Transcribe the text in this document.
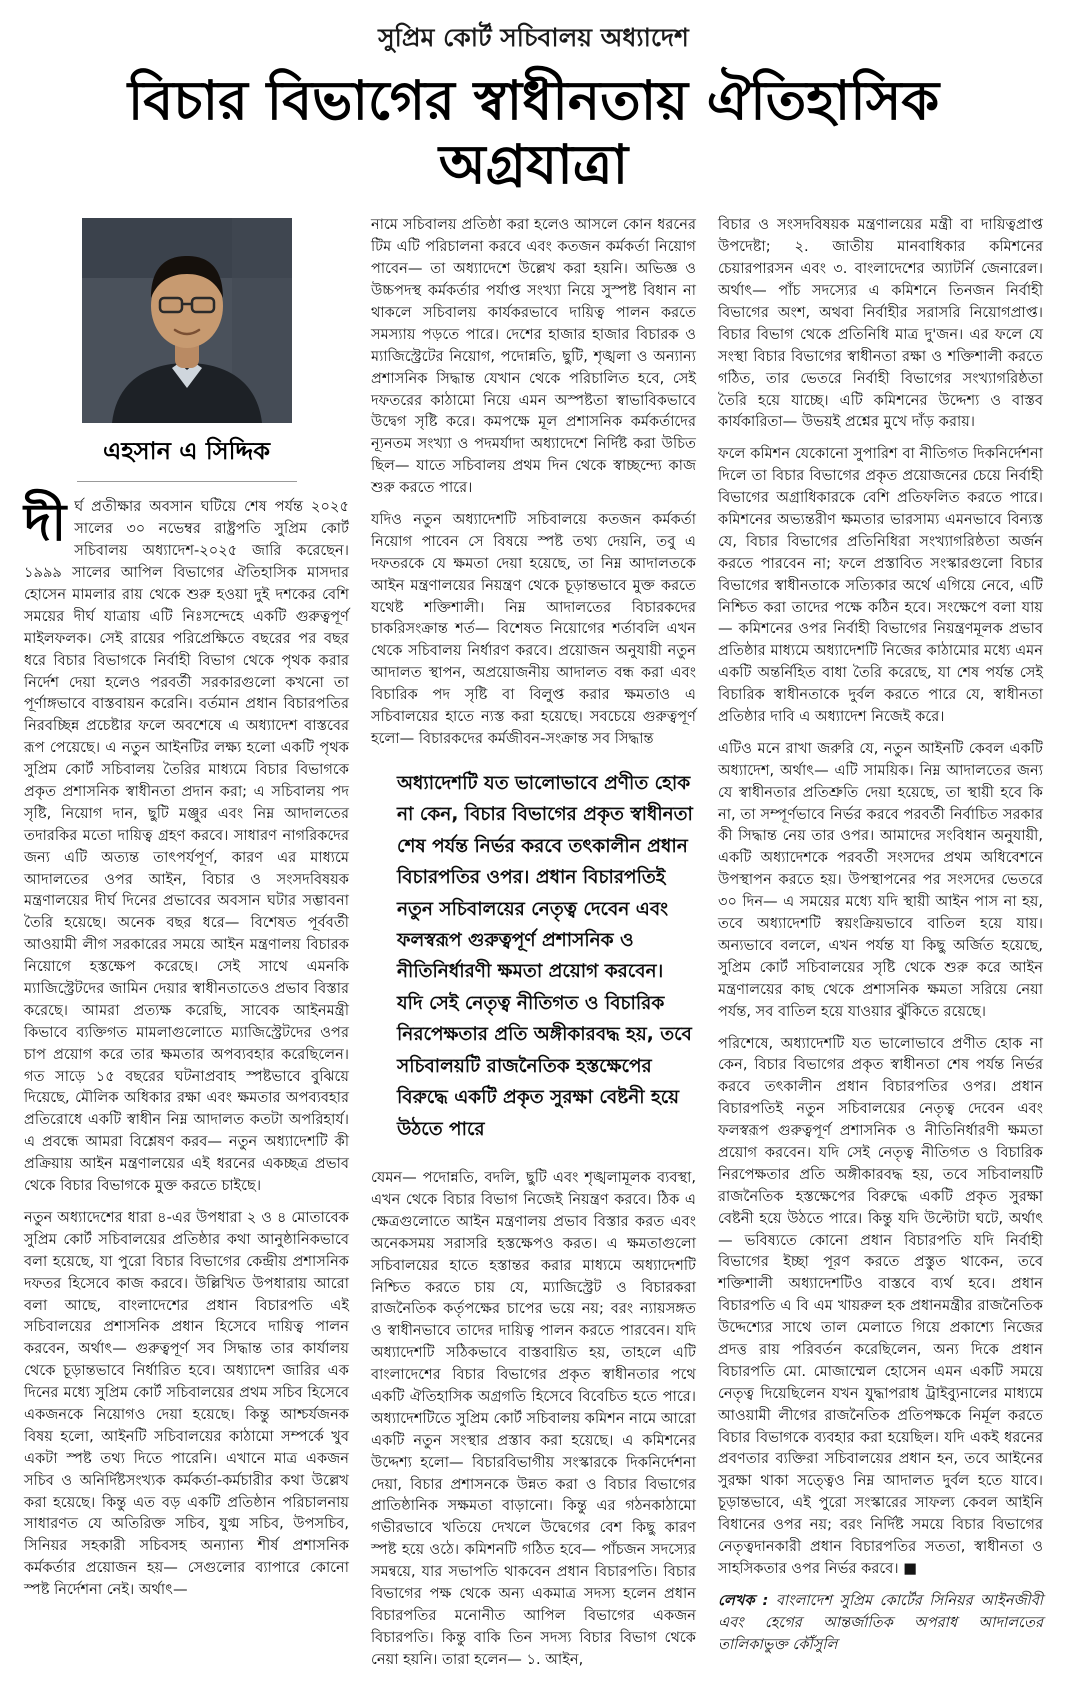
সুপ্রিম কোর্ট সচিবালয় অধ্যাদেশ
বিচার বিভাগের স্বাধীনতায় ঐতিহাসিক অগ্রযাত্রা
এহসান এ সিদ্দিক

দীর্ঘ প্রতীক্ষার অবসান ঘটিয়ে শেষ পর্যন্ত ২০২৫ সালের ৩০ নভেম্বর রাষ্ট্রপতি সুপ্রিম কোর্ট সচিবালয় অধ্যাদেশ-২০২৫ জারি করেছেন। ১৯৯৯ সালের আপিল বিভাগের ঐতিহাসিক মাসদার হোসেন মামলার রায় থেকে শুরু হওয়া দুই দশকের বেশি সময়ের দীর্ঘ যাত্রায় এটি নিঃসন্দেহে একটি গুরুত্বপূর্ণ মাইলফলক। সেই রায়ের পরিপ্রেক্ষিতে বছরের পর বছর ধরে বিচার বিভাগকে নির্বাহী বিভাগ থেকে পৃথক করার নির্দেশ দেয়া হলেও পরবর্তী সরকারগুলো কখনো তা পূর্ণাঙ্গভাবে বাস্তবায়ন করেনি। বর্তমান প্রধান বিচারপতির নিরবচ্ছিন্ন প্রচেষ্টার ফলে অবশেষে এ অধ্যাদেশ বাস্তবের রূপ পেয়েছে। এ নতুন আইনটির লক্ষ্য হলো একটি পৃথক সুপ্রিম কোর্ট সচিবালয় তৈরির মাধ্যমে বিচার বিভাগকে প্রকৃত প্রশাসনিক স্বাধীনতা প্রদান করা; এ সচিবালয় পদ সৃষ্টি, নিয়োগ দান, ছুটি মঞ্জুর এবং নিম্ন আদালতের তদারকির মতো দায়িত্ব গ্রহণ করবে। সাধারণ নাগরিকদের জন্য এটি অত্যন্ত তাৎপর্যপূর্ণ, কারণ এর মাধ্যমে আদালতের ওপর আইন, বিচার ও সংসদবিষয়ক মন্ত্রণালয়ের দীর্ঘ দিনের প্রভাবের অবসান ঘটার সম্ভাবনা তৈরি হয়েছে। অনেক বছর ধরে— বিশেষত পূর্ববর্তী আওয়ামী লীগ সরকারের সময়ে আইন মন্ত্রণালয় বিচারক নিয়োগে হস্তক্ষেপ করেছে। সেই সাথে এমনকি ম্যাজিস্ট্রেটদের জামিন দেয়ার স্বাধীনতাতেও প্রভাব বিস্তার করেছে। আমরা প্রত্যক্ষ করেছি, সাবেক আইনমন্ত্রী কিভাবে ব্যক্তিগত মামলাগুলোতে ম্যাজিস্ট্রেটদের ওপর চাপ প্রয়োগ করে তার ক্ষমতার অপব্যবহার করেছিলেন। গত সাড়ে ১৫ বছরের ঘটনাপ্রবাহ স্পষ্টভাবে বুঝিয়ে দিয়েছে, মৌলিক অধিকার রক্ষা এবং ক্ষমতার অপব্যবহার প্রতিরোধে একটি স্বাধীন নিম্ন আদালত কতটা অপরিহার্য। এ প্রবন্ধে আমরা বিশ্লেষণ করব— নতুন অধ্যাদেশটি কী প্রক্রিয়ায় আইন মন্ত্রণালয়ের এই ধরনের একচ্ছত্র প্রভাব থেকে বিচার বিভাগকে মুক্ত করতে চাইছে।

নতুন অধ্যাদেশের ধারা ৪-এর উপধারা ২ ও ৪ মোতাবেক সুপ্রিম কোর্ট সচিবালয়ের প্রতিষ্ঠার কথা আনুষ্ঠানিকভাবে বলা হয়েছে, যা পুরো বিচার বিভাগের কেন্দ্রীয় প্রশাসনিক দফতর হিসেবে কাজ করবে। উল্লিখিত উপধারায় আরো বলা আছে, বাংলাদেশের প্রধান বিচারপতি এই সচিবালয়ের প্রশাসনিক প্রধান হিসেবে দায়িত্ব পালন করবেন, অর্থাৎ— গুরুত্বপূর্ণ সব সিদ্ধান্ত তার কার্যালয় থেকে চূড়ান্তভাবে নির্ধারিত হবে। অধ্যাদেশ জারির এক দিনের মধ্যে সুপ্রিম কোর্ট সচিবালয়ের প্রথম সচিব হিসেবে একজনকে নিয়োগও দেয়া হয়েছে। কিন্তু আশ্চর্যজনক বিষয় হলো, আইনটি সচিবালয়ের কাঠামো সম্পর্কে খুব একটা স্পষ্ট তথ্য দিতে পারেনি। এখানে মাত্র একজন সচিব ও অনির্দিষ্টসংখ্যক কর্মকর্তা-কর্মচারীর কথা উল্লেখ করা হয়েছে। কিন্তু এত বড় একটি প্রতিষ্ঠান পরিচালনায় সাধারণত যে অতিরিক্ত সচিব, যুগ্ম সচিব, উপসচিব, সিনিয়র সহকারী সচিবসহ অন্যান্য শীর্ষ প্রশাসনিক কর্মকর্তার প্রয়োজন হয়— সেগুলোর ব্যাপারে কোনো স্পষ্ট নির্দেশনা নেই। অর্থাৎ—

নামে সচিবালয় প্রতিষ্ঠা করা হলেও আসলে কোন ধরনের টিম এটি পরিচালনা করবে এবং কতজন কর্মকর্তা নিয়োগ পাবেন— তা অধ্যাদেশে উল্লেখ করা হয়নি। অভিজ্ঞ ও উচ্চপদস্থ কর্মকর্তার পর্যাপ্ত সংখ্যা নিয়ে সুস্পষ্ট বিধান না থাকলে সচিবালয় কার্যকরভাবে দায়িত্ব পালন করতে সমস্যায় পড়তে পারে। দেশের হাজার হাজার বিচারক ও ম্যাজিস্ট্রেটের নিয়োগ, পদোন্নতি, ছুটি, শৃঙ্খলা ও অন্যান্য প্রশাসনিক সিদ্ধান্ত যেখান থেকে পরিচালিত হবে, সেই দফতরের কাঠামো নিয়ে এমন অস্পষ্টতা স্বাভাবিকভাবে উদ্বেগ সৃষ্টি করে। কমপক্ষে মূল প্রশাসনিক কর্মকর্তাদের ন্যূনতম সংখ্যা ও পদমর্যাদা অধ্যাদেশে নির্দিষ্ট করা উচিত ছিল— যাতে সচিবালয় প্রথম দিন থেকে স্বাচ্ছন্দ্যে কাজ শুরু করতে পারে।

যদিও নতুন অধ্যাদেশটি সচিবালয়ে কতজন কর্মকর্তা নিয়োগ পাবেন সে বিষয়ে স্পষ্ট তথ্য দেয়নি, তবু এ দফতরকে যে ক্ষমতা দেয়া হয়েছে, তা নিম্ন আদালতকে আইন মন্ত্রণালয়ের নিয়ন্ত্রণ থেকে চূড়ান্তভাবে মুক্ত করতে যথেষ্ট শক্তিশালী। নিম্ন আদালতের বিচারকদের চাকরিসংক্রান্ত শর্ত— বিশেষত নিয়োগের শর্তাবলি এখন থেকে সচিবালয় নির্ধারণ করবে। প্রয়োজন অনুযায়ী নতুন আদালত স্থাপন, অপ্রয়োজনীয় আদালত বন্ধ করা এবং বিচারিক পদ সৃষ্টি বা বিলুপ্ত করার ক্ষমতাও এ সচিবালয়ের হাতে ন্যস্ত করা হয়েছে। সবচেয়ে গুরুত্বপূর্ণ হলো— বিচারকদের কর্মজীবন-সংক্রান্ত সব সিদ্ধান্ত

অধ্যাদেশটি যত ভালোভাবে প্রণীত হোক না কেন, বিচার বিভাগের প্রকৃত স্বাধীনতা শেষ পর্যন্ত নির্ভর করবে তৎকালীন প্রধান বিচারপতির ওপর। প্রধান বিচারপতিই নতুন সচিবালয়ের নেতৃত্ব দেবেন এবং ফলস্বরূপ গুরুত্বপূর্ণ প্রশাসনিক ও নীতিনির্ধারণী ক্ষমতা প্রয়োগ করবেন। যদি সেই নেতৃত্ব নীতিগত ও বিচারিক নিরপেক্ষতার প্রতি অঙ্গীকারবদ্ধ হয়, তবে সচিবালয়টি রাজনৈতিক হস্তক্ষেপের বিরুদ্ধে একটি প্রকৃত সুরক্ষা বেষ্টনী হয়ে উঠতে পারে

যেমন— পদোন্নতি, বদলি, ছুটি এবং শৃঙ্খলামূলক ব্যবস্থা, এখন থেকে বিচার বিভাগ নিজেই নিয়ন্ত্রণ করবে। ঠিক এ ক্ষেত্রগুলোতে আইন মন্ত্রণালয় প্রভাব বিস্তার করত এবং অনেকসময় সরাসরি হস্তক্ষেপও করত। এ ক্ষমতাগুলো সচিবালয়ের হাতে হস্তান্তর করার মাধ্যমে অধ্যাদেশটি নিশ্চিত করতে চায় যে, ম্যাজিস্ট্রেট ও বিচারকরা রাজনৈতিক কর্তৃপক্ষের চাপের ভয়ে নয়; বরং ন্যায়সঙ্গত ও স্বাধীনভাবে তাদের দায়িত্ব পালন করতে পারবেন। যদি অধ্যাদেশটি সঠিকভাবে বাস্তবায়িত হয়, তাহলে এটি বাংলাদেশের বিচার বিভাগের প্রকৃত স্বাধীনতার পথে একটি ঐতিহাসিক অগ্রগতি হিসেবে বিবেচিত হতে পারে। অধ্যাদেশটিতে সুপ্রিম কোর্ট সচিবালয় কমিশন নামে আরো একটি নতুন সংস্থার প্রস্তাব করা হয়েছে। এ কমিশনের উদ্দেশ্য হলো— বিচারবিভাগীয় সংস্কারকে দিকনির্দেশনা দেয়া, বিচার প্রশাসনকে উন্নত করা ও বিচার বিভাগের প্রাতিষ্ঠানিক সক্ষমতা বাড়ানো। কিন্তু এর গঠনকাঠামো গভীরভাবে খতিয়ে দেখলে উদ্বেগের বেশ কিছু কারণ স্পষ্ট হয়ে ওঠে। কমিশনটি গঠিত হবে— পাঁচজন সদস্যের সমন্বয়ে, যার সভাপতি থাকবেন প্রধান বিচারপতি। বিচার বিভাগের পক্ষ থেকে অন্য একমাত্র সদস্য হলেন প্রধান বিচারপতির মনোনীত আপিল বিভাগের একজন বিচারপতি। কিন্তু বাকি তিন সদস্য বিচার বিভাগ থেকে নেয়া হয়নি। তারা হলেন— ১. আইন,

বিচার ও সংসদবিষয়ক মন্ত্রণালয়ের মন্ত্রী বা দায়িত্বপ্রাপ্ত উপদেষ্টা; ২. জাতীয় মানবাধিকার কমিশনের চেয়ারপারসন এবং ৩. বাংলাদেশের অ্যাটর্নি জেনারেল। অর্থাৎ— পাঁচ সদস্যের এ কমিশনে তিনজন নির্বাহী বিভাগের অংশ, অথবা নির্বাহীর সরাসরি নিয়োগপ্রাপ্ত। বিচার বিভাগ থেকে প্রতিনিধি মাত্র দু'জন। এর ফলে যে সংস্থা বিচার বিভাগের স্বাধীনতা রক্ষা ও শক্তিশালী করতে গঠিত, তার ভেতরে নির্বাহী বিভাগের সংখ্যাগরিষ্ঠতা তৈরি হয়ে যাচ্ছে। এটি কমিশনের উদ্দেশ্য ও বাস্তব কার্যকারিতা— উভয়ই প্রশ্নের মুখে দাঁড় করায়।

ফলে কমিশন যেকোনো সুপারিশ বা নীতিগত দিকনির্দেশনা দিলে তা বিচার বিভাগের প্রকৃত প্রয়োজনের চেয়ে নির্বাহী বিভাগের অগ্রাধিকারকে বেশি প্রতিফলিত করতে পারে। কমিশনের অভ্যন্তরীণ ক্ষমতার ভারসাম্য এমনভাবে বিন্যস্ত যে, বিচার বিভাগের প্রতিনিধিরা সংখ্যাগরিষ্ঠতা অর্জন করতে পারবেন না; ফলে প্রস্তাবিত সংস্কারগুলো বিচার বিভাগের স্বাধীনতাকে সত্যিকার অর্থে এগিয়ে নেবে, এটি নিশ্চিত করা তাদের পক্ষে কঠিন হবে। সংক্ষেপে বলা যায়— কমিশনের ওপর নির্বাহী বিভাগের নিয়ন্ত্রণমূলক প্রভাব প্রতিষ্ঠার মাধ্যমে অধ্যাদেশটি নিজের কাঠামোর মধ্যে এমন একটি অন্তর্নিহিত বাধা তৈরি করেছে, যা শেষ পর্যন্ত সেই বিচারিক স্বাধীনতাকে দুর্বল করতে পারে যে, স্বাধীনতা প্রতিষ্ঠার দাবি এ অধ্যাদেশ নিজেই করে।

এটিও মনে রাখা জরুরি যে, নতুন আইনটি কেবল একটি অধ্যাদেশ, অর্থাৎ— এটি সাময়িক। নিম্ন আদালতের জন্য যে স্বাধীনতার প্রতিশ্রুতি দেয়া হয়েছে, তা স্থায়ী হবে কি না, তা সম্পূর্ণভাবে নির্ভর করবে পরবর্তী নির্বাচিত সরকার কী সিদ্ধান্ত নেয় তার ওপর। আমাদের সংবিধান অনুযায়ী, একটি অধ্যাদেশকে পরবর্তী সংসদের প্রথম অধিবেশনে উপস্থাপন করতে হয়। উপস্থাপনের পর সংসদের ভেতরে ৩০ দিন— এ সময়ের মধ্যে যদি স্থায়ী আইন পাস না হয়, তবে অধ্যাদেশটি স্বয়ংক্রিয়ভাবে বাতিল হয়ে যায়। অন্যভাবে বললে, এখন পর্যন্ত যা কিছু অর্জিত হয়েছে, সুপ্রিম কোর্ট সচিবালয়ের সৃষ্টি থেকে শুরু করে আইন মন্ত্রণালয়ের কাছ থেকে প্রশাসনিক ক্ষমতা সরিয়ে নেয়া পর্যন্ত, সব বাতিল হয়ে যাওয়ার ঝুঁকিতে রয়েছে।

পরিশেষে, অধ্যাদেশটি যত ভালোভাবে প্রণীত হোক না কেন, বিচার বিভাগের প্রকৃত স্বাধীনতা শেষ পর্যন্ত নির্ভর করবে তৎকালীন প্রধান বিচারপতির ওপর। প্রধান বিচারপতিই নতুন সচিবালয়ের নেতৃত্ব দেবেন এবং ফলস্বরূপ গুরুত্বপূর্ণ প্রশাসনিক ও নীতিনির্ধারণী ক্ষমতা প্রয়োগ করবেন। যদি সেই নেতৃত্ব নীতিগত ও বিচারিক নিরপেক্ষতার প্রতি অঙ্গীকারবদ্ধ হয়, তবে সচিবালয়টি রাজনৈতিক হস্তক্ষেপের বিরুদ্ধে একটি প্রকৃত সুরক্ষা বেষ্টনী হয়ে উঠতে পারে। কিন্তু যদি উল্টোটা ঘটে, অর্থাৎ— ভবিষ্যতে কোনো প্রধান বিচারপতি যদি নির্বাহী বিভাগের ইচ্ছা পূরণ করতে প্রস্তুত থাকেন, তবে শক্তিশালী অধ্যাদেশটিও বাস্তবে ব্যর্থ হবে। প্রধান বিচারপতি এ বি এম খায়রুল হক প্রধানমন্ত্রীর রাজনৈতিক উদ্দেশ্যের সাথে তাল মেলাতে গিয়ে প্রকাশ্যে নিজের প্রদত্ত রায় পরিবর্তন করেছিলেন, অন্য দিকে প্রধান বিচারপতি মো. মোজাম্মেল হোসেন এমন একটি সময়ে নেতৃত্ব দিয়েছিলেন যখন যুদ্ধাপরাধ ট্রাইব্যুনালের মাধ্যমে আওয়ামী লীগের রাজনৈতিক প্রতিপক্ষকে নির্মূল করতে বিচার বিভাগকে ব্যবহার করা হয়েছিল। যদি একই ধরনের প্রবণতার ব্যক্তিরা সচিবালয়ের প্রধান হন, তবে আইনের সুরক্ষা থাকা সত্ত্বেও নিম্ন আদালত দুর্বল হতে যাবে। চূড়ান্তভাবে, এই পুরো সংস্কারের সাফল্য কেবল আইনি বিধানের ওপর নয়; বরং নির্দিষ্ট সময়ে বিচার বিভাগের নেতৃত্বদানকারী প্রধান বিচারপতির সততা, স্বাধীনতা ও সাহসিকতার ওপর নির্ভর করবে। ■

লেখক : বাংলাদেশ সুপ্রিম কোর্টের সিনিয়র আইনজীবী এবং হেগের আন্তর্জাতিক অপরাধ আদালতের তালিকাভুক্ত কৌঁসুলি
